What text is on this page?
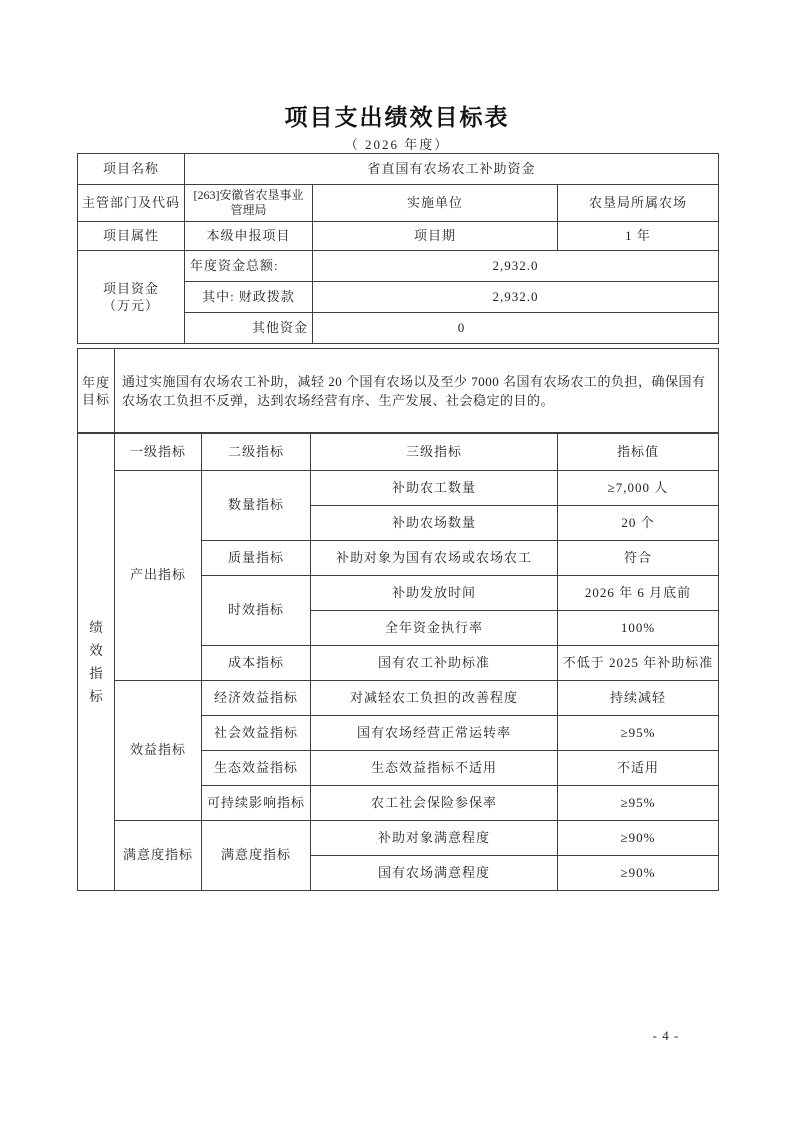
项目支出绩效目标表
（ 2026 年度）
项目名称	省直国有农场农工补助资金		
主管部门及代码	[263]安徽省农垦事业管理局	实施单位	农垦局所属农场
项目属性	本级申报项目	项目期	1 年

项目资金
（万元）	年度资金总额:	2,932.0	
	其中: 财政拨款	2,932.0	
	其他资金	0	
年度
目标
	通过实施国有农场农工补助，减轻 20 个国有农场以及至少 7000 名国有农场农工的负担，确保国有农场农工负担不反弹，达到农场经营有序、生产发展、社会稳定的目的。
绩效指标	一级指标	二级指标	三级指标	指标值
	产出指标	数量指标	补助农工数量	≥7,000 人
			补助农场数量	20 个
		质量指标	补助对象为国有农场或农场农工	符合
		时效指标	补助发放时间	2026 年 6 月底前
			全年资金执行率	100%
		成本指标	国有农工补助标准	不低于 2025 年补助标准
	效益指标	经济效益指标	对减轻农工负担的改善程度	持续减轻
		社会效益指标	国有农场经营正常运转率	≥95%
		生态效益指标	生态效益指标不适用	不适用
		可持续影响指标	农工社会保险参保率	≥95%
	满意度指标	满意度指标	补助对象满意程度	≥90%
			国有农场满意程度	≥90%
- 4 -
